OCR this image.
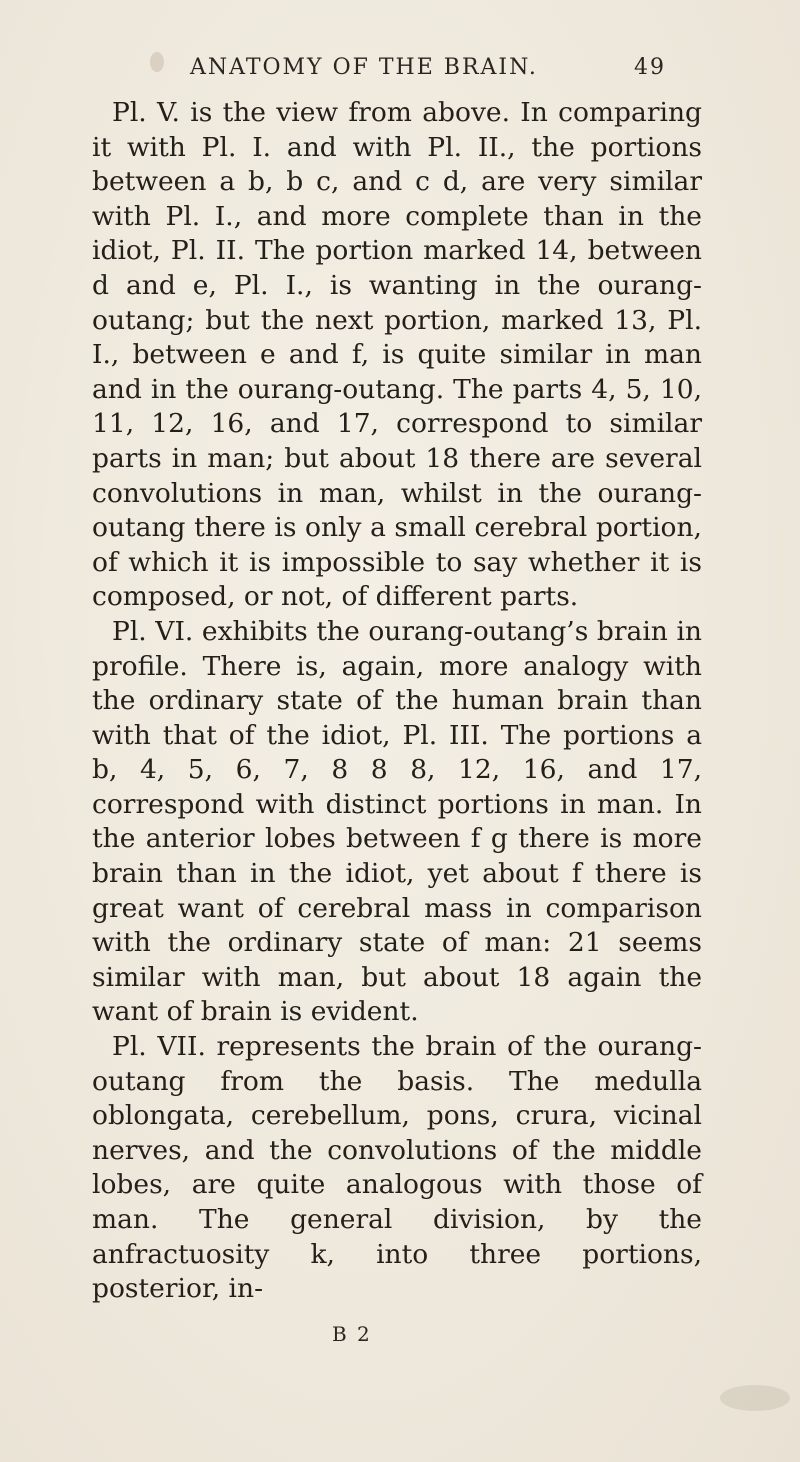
ANATOMY OF THE BRAIN.	49

Pl. V. is the view from above. In comparing it with Pl. I. and with Pl. II., the portions between a b, b c, and c d, are very similar with Pl. I., and more complete than in the idiot, Pl. II. The portion marked 14, between d and e, Pl. I., is wanting in the ourang-outang; but the next portion, marked 13, Pl. I., between e and f, is quite similar in man and in the ourang-outang. The parts 4, 5, 10, 11, 12, 16, and 17, correspond to similar parts in man; but about 18 there are several convolutions in man, whilst in the ourang-outang there is only a small cerebral portion, of which it is impossible to say whether it is composed, or not, of different parts.

Pl. VI. exhibits the ourang-outang’s brain in profile. There is, again, more analogy with the ordinary state of the human brain than with that of the idiot, Pl. III. The portions a b, 4, 5, 6, 7, 8 8 8, 12, 16, and 17, correspond with distinct portions in man. In the anterior lobes between f g there is more brain than in the idiot, yet about f there is great want of cerebral mass in comparison with the ordinary state of man: 21 seems similar with man, but about 18 again the want of brain is evident.

Pl. VII. represents the brain of the ourang-outang from the basis. The medulla oblongata, cerebellum, pons, crura, vicinal nerves, and the convolutions of the middle lobes, are quite analogous with those of man. The general division, by the anfractuosity k, into three portions, posterior, in-

B 2
